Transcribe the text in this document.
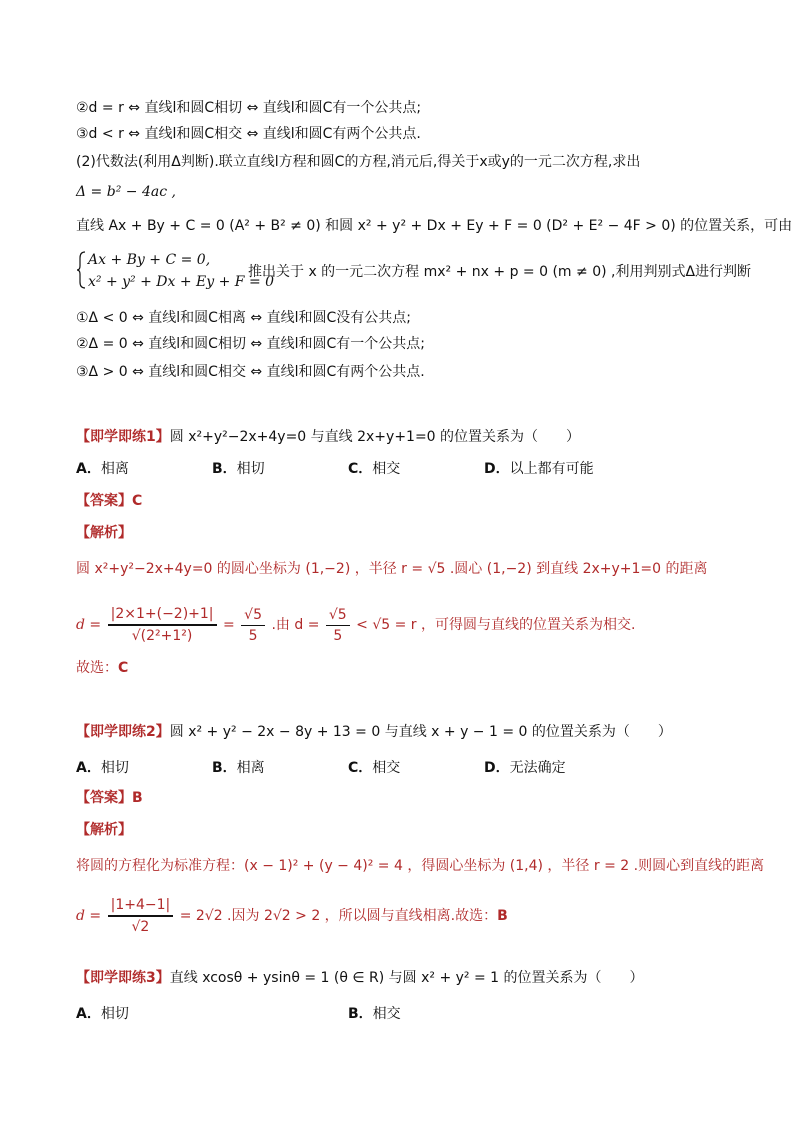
②d = r ⇔ 直线l和圆C相切 ⇔ 直线l和圆C有一个公共点;
③d < r ⇔ 直线l和圆C相交 ⇔ 直线l和圆C有两个公共点.
(2)代数法(利用Δ判断).联立直线l方程和圆C的方程,消元后,得关于x或y的一元二次方程,求出
Δ = b² − 4ac ,
直线 Ax + By + C = 0 (A² + B² ≠ 0) 和圆 x² + y² + Dx + Ey + F = 0 (D² + E² − 4F > 0) 的位置关系，可由
Ax + By + C = 0,
x² + y² + Dx + Ey + F = 0
推出关于 x 的一元二次方程 mx² + nx + p = 0 (m ≠ 0) ,利用判别式Δ进行判断
①Δ < 0 ⇔ 直线l和圆C相离 ⇔ 直线l和圆C没有公共点;
②Δ = 0 ⇔ 直线l和圆C相切 ⇔ 直线l和圆C有一个公共点;
③Δ > 0 ⇔ 直线l和圆C相交 ⇔ 直线l和圆C有两个公共点.
【即学即练1】圆 x²+y²−2x+4y=0 与直线 2x+y+1=0 的位置关系为（　　）
A．相离	B．相切	C．相交	D．以上都有可能
【答案】C
【解析】
圆 x²+y²−2x+4y=0 的圆心坐标为 (1,−2) ，半径 r = √5 .圆心 (1,−2) 到直线 2x+y+1=0 的距离
$d = \frac{|2\times 1+(-2)+1|}{\text{√(2²+1²)}} = \frac{√5}{5}$ .由 $d = \frac{√5}{5} < √5 = r$ ，可得圆与直线的位置关系为相交.
故选：C
【即学即练2】圆 x² + y² − 2x − 8y + 13 = 0 与直线 x + y − 1 = 0 的位置关系为（　　）
A．相切	B．相离	C．相交	D．无法确定
【答案】B
【解析】
将圆的方程化为标准方程：(x − 1)² + (y − 4)² = 4 ，得圆心坐标为 (1,4) ，半径 r = 2 .则圆心到直线的距离
$d = \frac{|1+4-1|}{√2} = 2√2$ .因为 2√2 > 2 ，所以圆与直线相离.故选：B
【即学即练3】直线 xcosθ + ysinθ = 1 (θ ∈ R) 与圆 x² + y² = 1 的位置关系为（　　）
A．相切	B．相交
